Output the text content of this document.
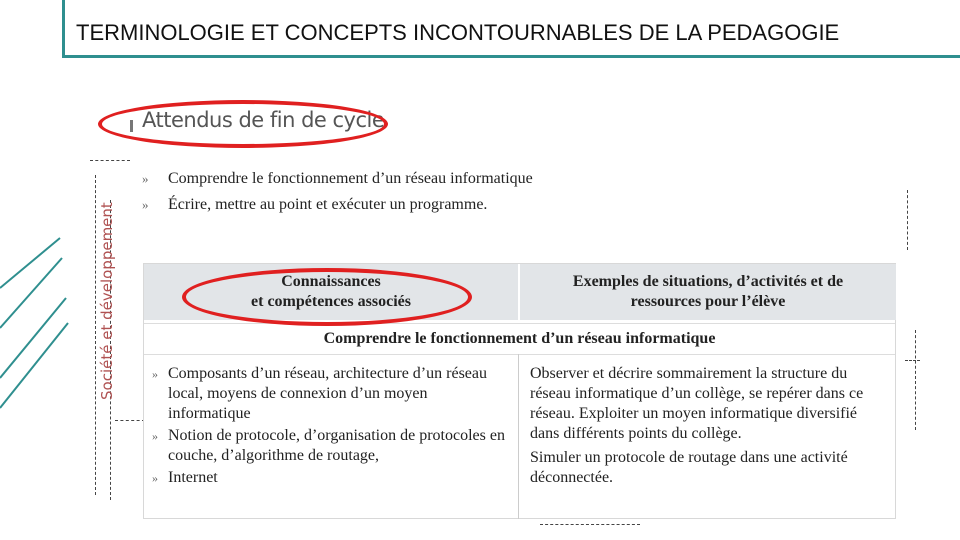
TERMINOLOGIE ET CONCEPTS INCONTOURNABLES DE LA PEDAGOGIE
Attendus de fin de cycle
Société et développement
»	Comprendre le fonctionnement d’un réseau informatique
»	Écrire, mettre au point et exécuter un programme.
Connaissances
et compétences associés
Exemples de situations, d’activités et de
ressources pour l’élève
Comprendre le fonctionnement d’un réseau informatique
» Composants d’un réseau, architecture d’un réseau local, moyens de connexion d’un moyen informatique
» Notion de protocole, d’organisation de protocoles en couche, d’algorithme de routage,
» Internet
Observer et décrire sommairement la structure du réseau informatique d’un collège, se repérer dans ce réseau. Exploiter un moyen informatique diversifié dans différents points du collège.
Simuler un protocole de routage dans une activité déconnectée.
